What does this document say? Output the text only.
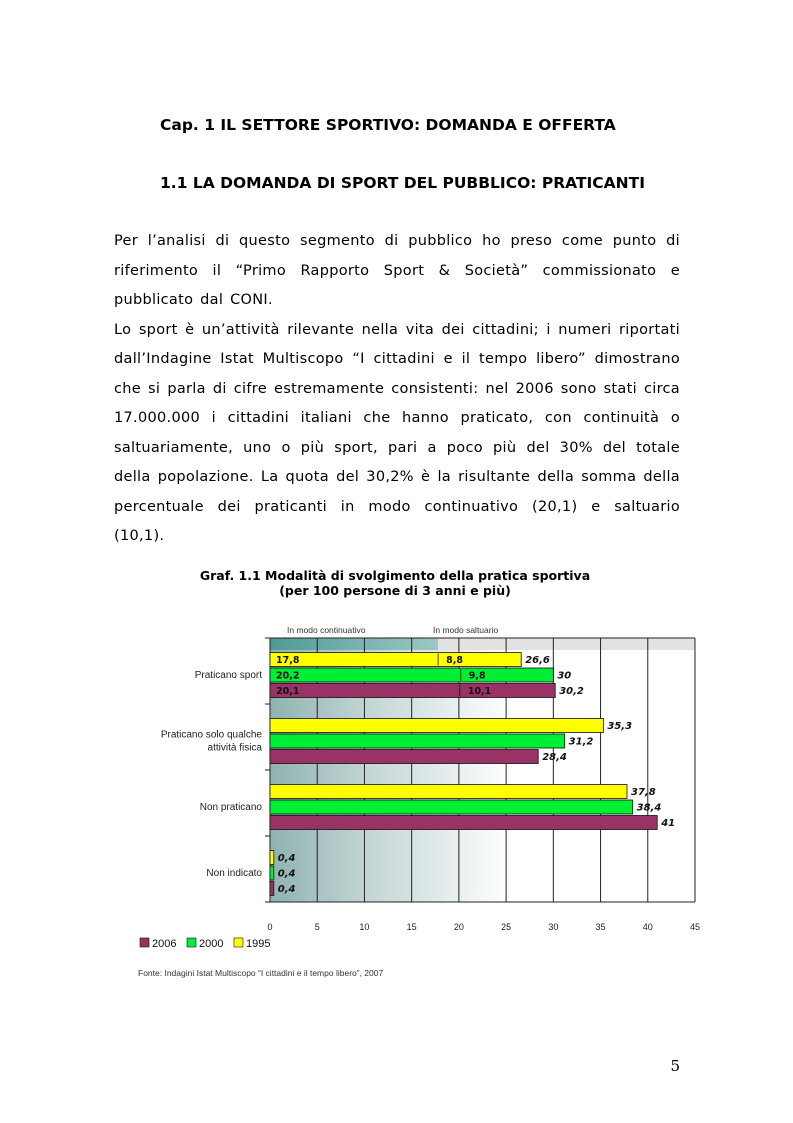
Cap. 1 IL SETTORE SPORTIVO: DOMANDA E OFFERTA
1.1 LA DOMANDA DI SPORT DEL PUBBLICO: PRATICANTI

Per l’analisi di questo segmento di pubblico ho preso come punto di riferimento il “Primo Rapporto Sport & Società” commissionato e pubblicato dal CONI.

Lo sport è un’attività rilevante nella vita dei cittadini; i numeri riportati dall’Indagine Istat Multiscopo “I cittadini e il tempo libero” dimostrano che si parla di cifre estremamente consistenti: nel 2006 sono stati circa 17.000.000 i cittadini italiani che hanno praticato, con continuità o saltuariamente, uno o più sport, pari a poco più del 30% del totale della popolazione. La quota del 30,2% è la risultante della somma della percentuale dei praticanti in modo continuativo (20,1) e saltuario (10,1).

Graf. 1.1 Modalità di svolgimento della pratica sportiva
(per 100 persone di 3 anni e più)
In modo continuativo	In modo saltuario
0	5	10	15	20	25	30	35	40	45
Praticano sport
26,6
17,8	8,8
30
20,2	9,8
30,2
20,1	10,1
Praticano solo qualche
attività fisica
35,3
31,2
28,4
Non praticano
37,8
38,4
41
Non indicato
0,4
0,4
0,4
2006 2000 1995
Fonte: Indagini Istat Multiscopo “I cittadini e il tempo libero”, 2007
5
